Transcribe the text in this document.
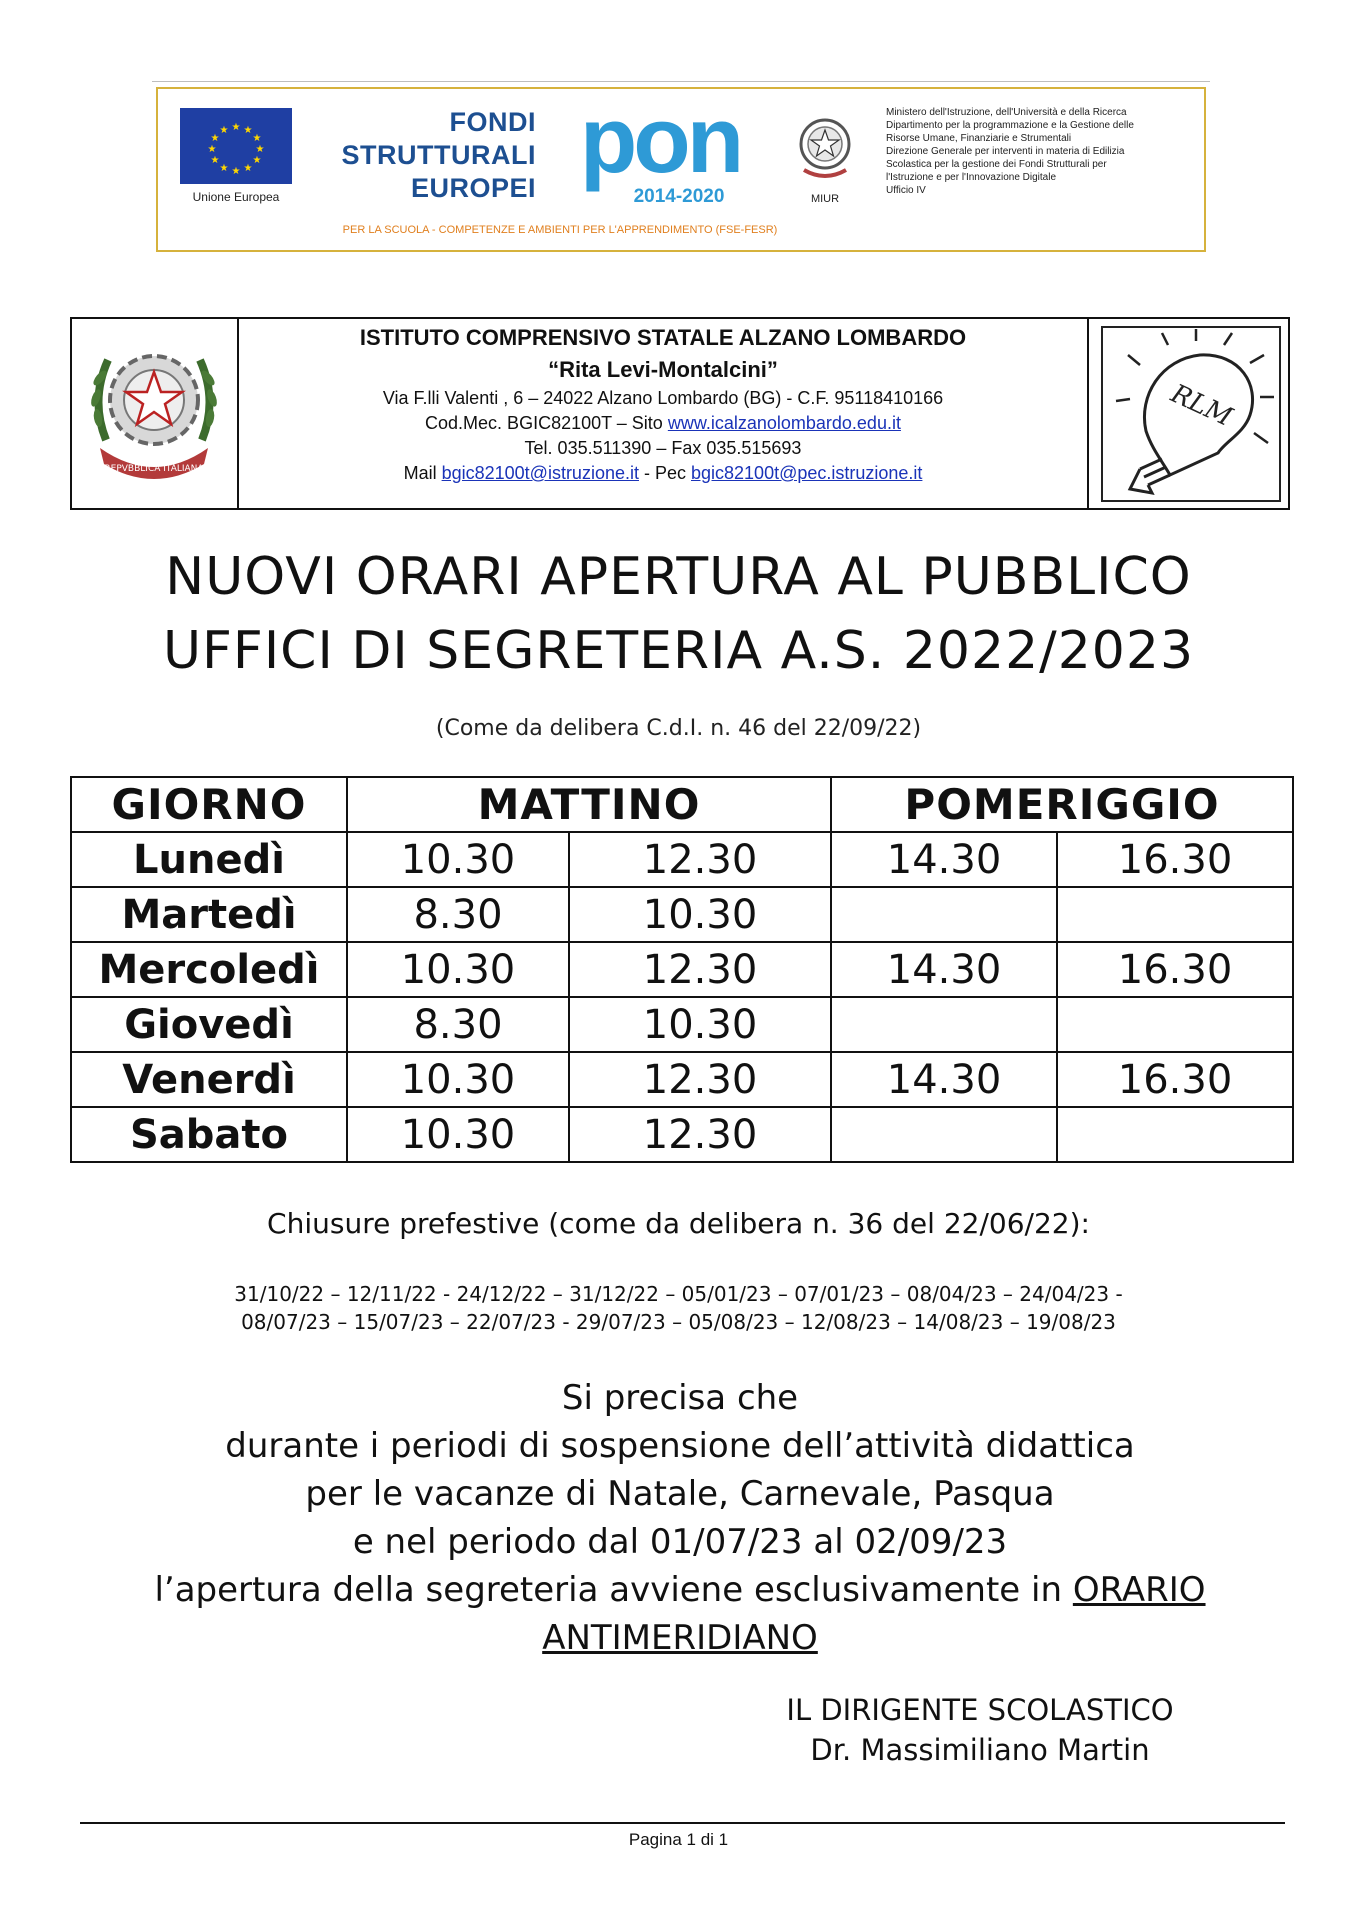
★ ★
★
★
★
★
★
★
★
★
★
★
Unione Europea
FONDI
STRUTTURALI
EUROPEI pon
2014-2020
PER LA SCUOLA - COMPETENZE E AMBIENTI PER L'APPRENDIMENTO (FSE-FESR)
MIUR
Ministero dell'Istruzione, dell'Università e della Ricerca
Dipartimento per la programmazione e la Gestione delle
Risorse Umane, Finanziarie e Strumentali
Direzione Generale per interventi in materia di Edilizia
Scolastica per la gestione dei Fondi Strutturali per
l'Istruzione e per l'Innovazione Digitale
Ufficio IV
REPVBBLICA ITALIANA
RLM
ISTITUTO COMPRENSIVO STATALE ALZANO LOMBARDO
“Rita Levi-Montalcini”
Via F.lli Valenti , 6 – 24022 Alzano Lombardo (BG) - C.F. 95118410166
Cod.Mec. BGIC82100T – Sito www.icalzanolombardo.edu.it
Tel. 035.511390 – Fax 035.515693
Mail bgic82100t@istruzione.it - Pec bgic82100t@pec.istruzione.it
NUOVI ORARI APERTURA AL PUBBLICO
UFFICI DI SEGRETERIA A.S. 2022/2023
(Come da delibera C.d.I. n. 46 del 22/09/22)
GIORNO	MATTINO		POMERIGGIO	
Lunedì	10.30	12.30	14.30	16.30
Martedì	8.30	10.30		
Mercoledì	10.30	12.30	14.30	16.30
Giovedì	8.30	10.30		
Venerdì	10.30	12.30	14.30	16.30
Sabato	10.30	12.30		
Chiusure prefestive (come da delibera n. 36 del 22/06/22):
31/10/22 – 12/11/22 - 24/12/22 – 31/12/22 – 05/01/23 – 07/01/23 – 08/04/23 – 24/04/23 -
08/07/23 – 15/07/23 – 22/07/23 - 29/07/23 – 05/08/23 – 12/08/23 – 14/08/23 – 19/08/23
Si precisa che
durante i periodi di sospensione dell’attività didattica
per le vacanze di Natale, Carnevale, Pasqua
e nel periodo dal 01/07/23 al 02/09/23
l’apertura della segreteria avviene esclusivamente in ORARIO
ANTIMERIDIANO
IL DIRIGENTE SCOLASTICO
Dr. Massimiliano Martin
Pagina 1 di 1
